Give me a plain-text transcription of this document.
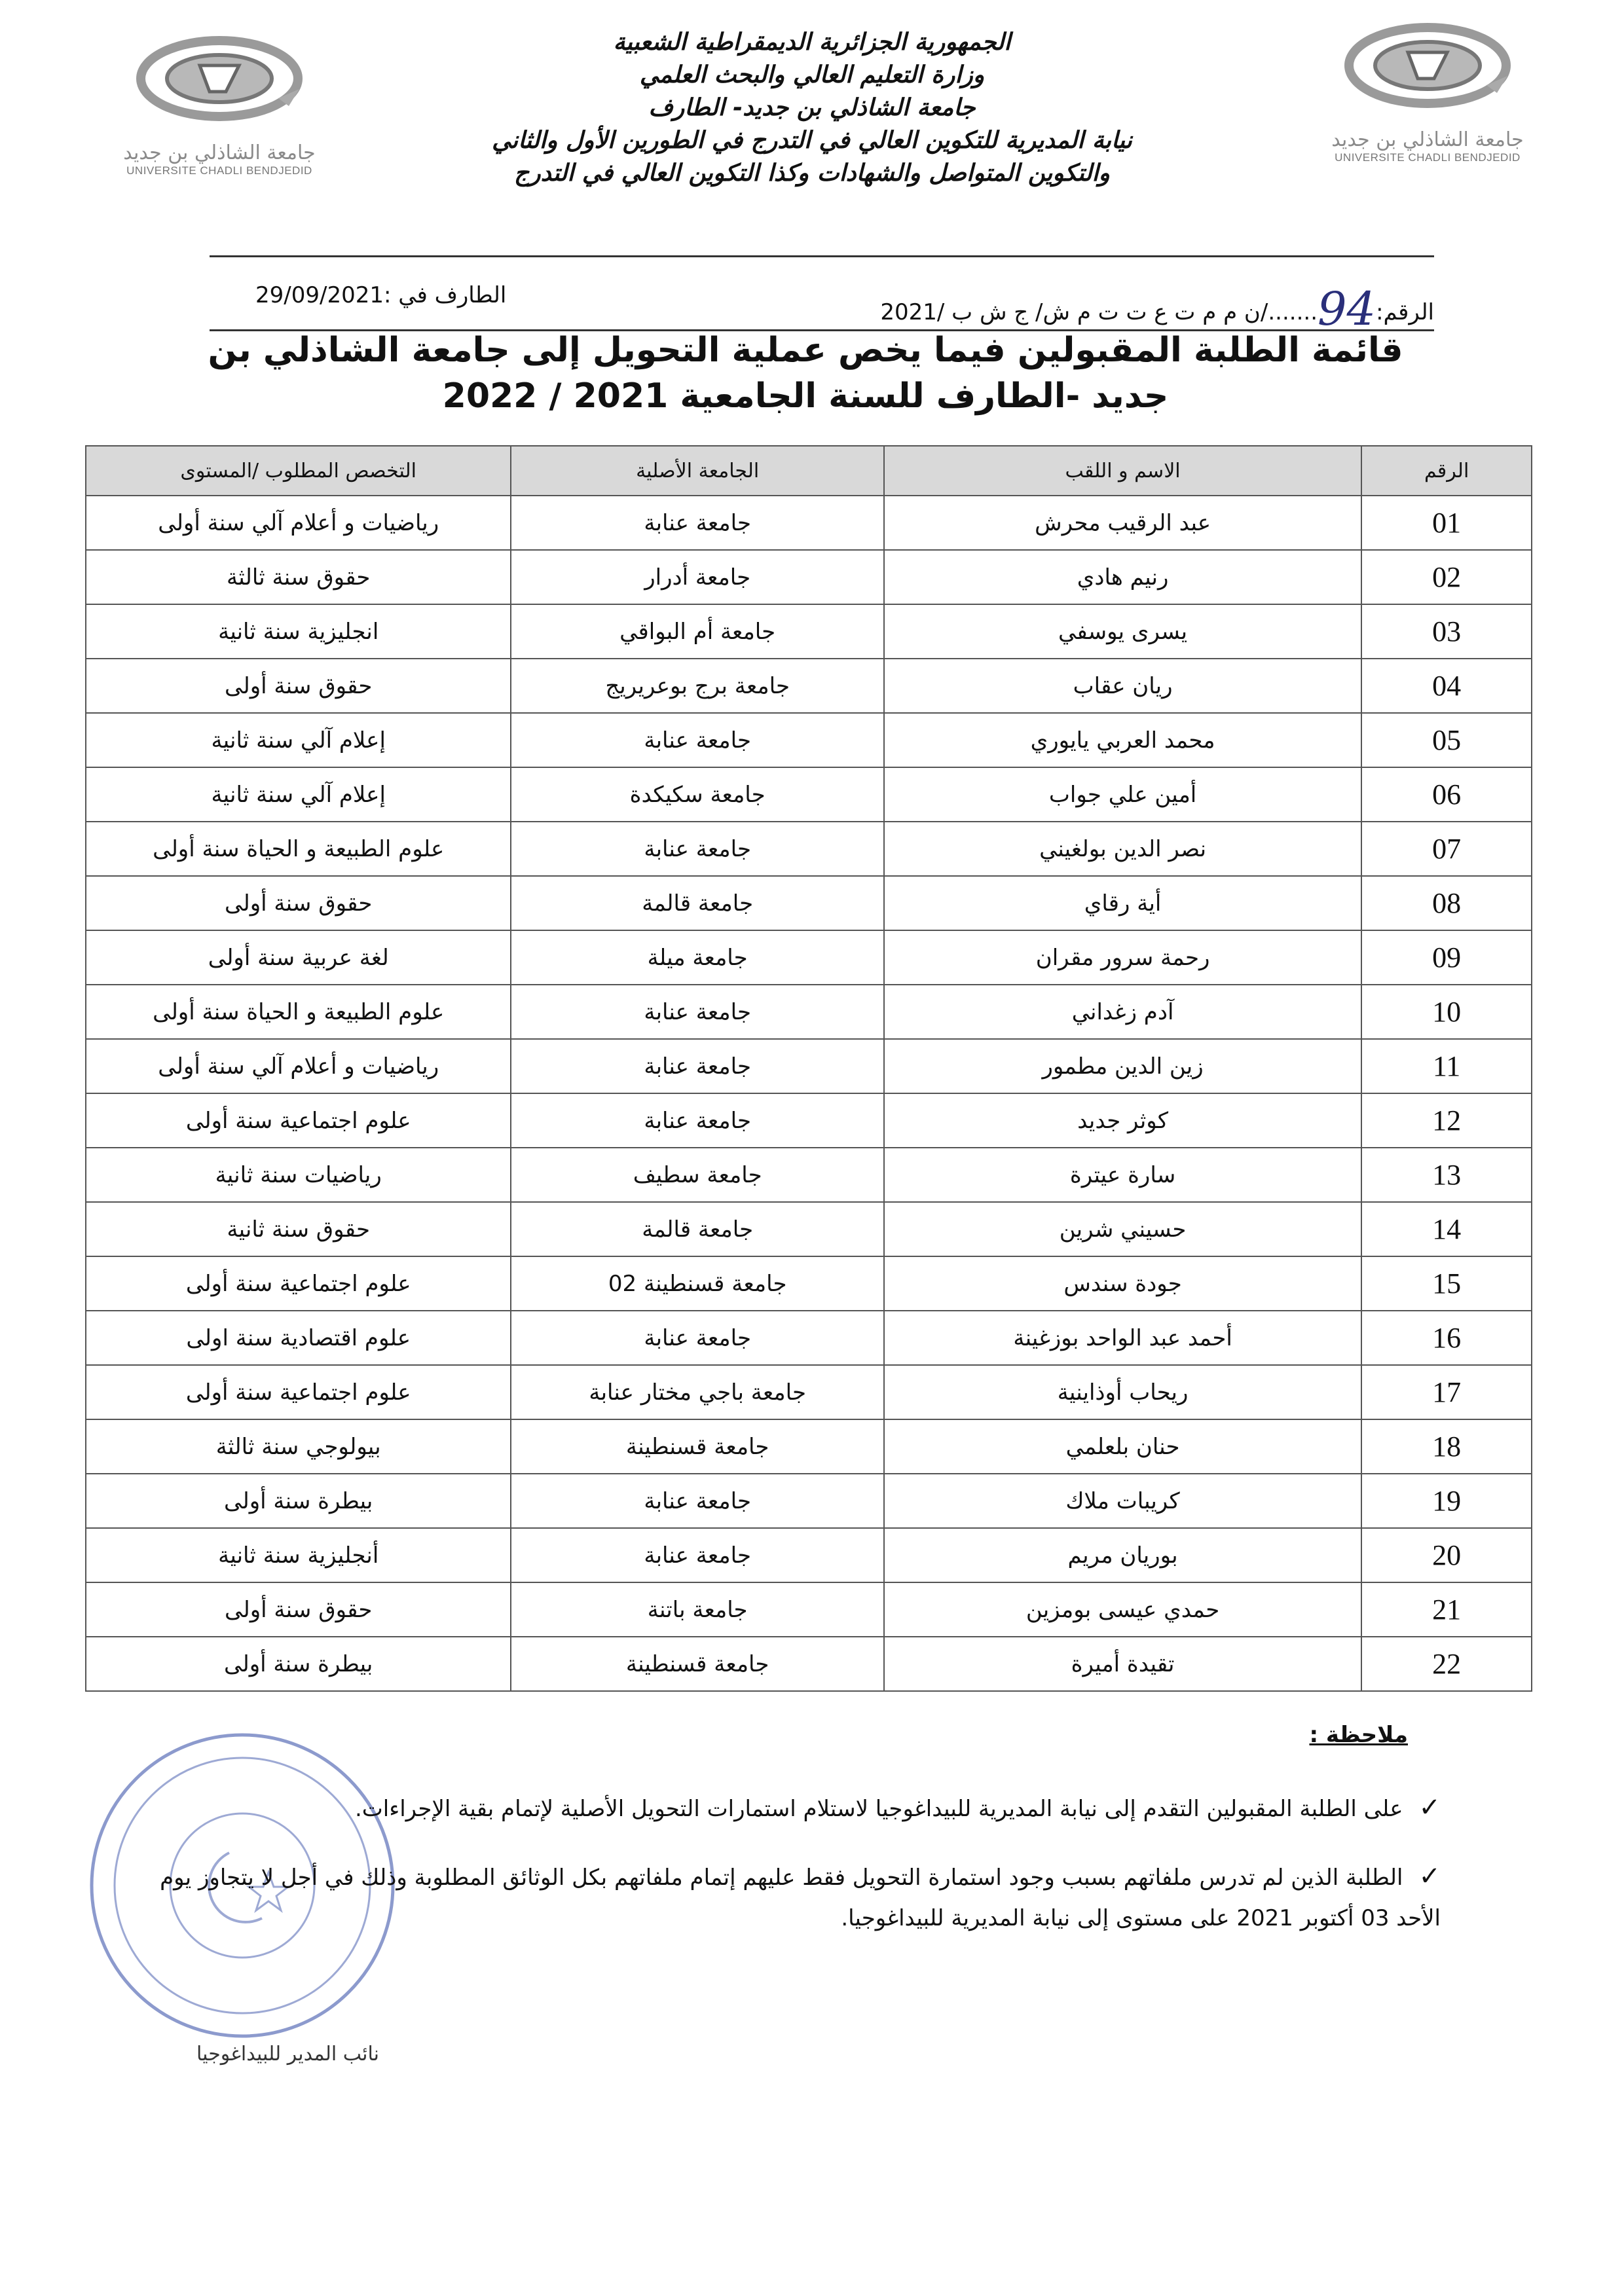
جامعة الشاذلي بن جديد
UNIVERSITE CHADLI BENDJEDID
جامعة الشاذلي بن جديد
UNIVERSITE CHADLI BENDJEDID
الجمهورية الجزائرية الديمقراطية الشعبية
وزارة التعليم العالي والبحث العلمي
جامعة الشاذلي بن جديد- الطارف
نيابة المديرية للتكوين العالي في التدرج في الطورين الأول والثاني
والتكوين المتواصل والشهادات وكذا التكوين العالي في التدرج
الرقم:94......./ن م م ت ع ت ت م ش/ ج ش ب /2021
الطارف في :29/09/2021
قائمة الطلبة المقبولين فيما يخص عملية التحويل إلى جامعة الشاذلي بن
جديد -الطارف للسنة الجامعية 2021 / 2022
الرقم	الاسم و اللقب	الجامعة الأصلية	التخصص المطلوب /المستوى
01	عبد الرقيب محرش	جامعة عنابة	رياضيات و أعلام آلي سنة أولى
02	رنيم هادي	جامعة أدرار	حقوق سنة ثالثة
03	يسرى يوسفي	جامعة أم البواقي	انجليزية سنة ثانية
04	ريان عقاب	جامعة برج بوعريريج	حقوق سنة أولى
05	محمد العربي يايوري	جامعة عنابة	إعلام آلي سنة ثانية
06	أمين علي جواب	جامعة سكيكدة	إعلام آلي سنة ثانية
07	نصر الدين بولغيني	جامعة عنابة	علوم الطبيعة و الحياة سنة أولى
08	أية رقاي	جامعة قالمة	حقوق سنة أولى
09	رحمة سرور مقران	جامعة ميلة	لغة عربية سنة أولى
10	آدم زغداني	جامعة عنابة	علوم الطبيعة و الحياة سنة أولى
11	زين الدين مطمور	جامعة عنابة	رياضيات و أعلام آلي سنة أولى
12	كوثر جديد	جامعة عنابة	علوم اجتماعية سنة أولى
13	سارة عيترة	جامعة سطيف	رياضيات سنة ثانية
14	حسيني شرين	جامعة قالمة	حقوق سنة ثانية
15	جودة سندس	جامعة قسنطينة 02	علوم اجتماعية سنة أولى
16	أحمد عبد الواحد بوزغينة	جامعة عنابة	علوم اقتصادية سنة اولى
17	ريحاب أوذاينية	جامعة باجي مختار عنابة	علوم اجتماعية سنة أولى
18	حنان بلعلمي	جامعة قسنطينة	بيولوجي سنة ثالثة
19	كريبات ملاك	جامعة عنابة	بيطرة سنة أولى
20	بوريان مريم	جامعة عنابة	أنجليزية سنة ثانية
21	حمدي عيسى بومزين	جامعة باتنة	حقوق سنة أولى
22	تقيدة أميرة	جامعة قسنطينة	بيطرة سنة أولى
ملاحظة :
✓على الطلبة المقبولين التقدم إلى نيابة المديرية للبيداغوجيا لاستلام استمارات التحويل الأصلية لإتمام بقية الإجراءات.
✓الطلبة الذين لم تدرس ملفاتهم بسبب وجود استمارة التحويل فقط عليهم إتمام ملفاتهم بكل الوثائق المطلوبة وذلك في أجل لا يتجاوز يوم الأحد 03 أكتوبر 2021 على مستوى إلى نيابة المديرية للبيداغوجيا.
نائب المدير للبيداغوجيا
